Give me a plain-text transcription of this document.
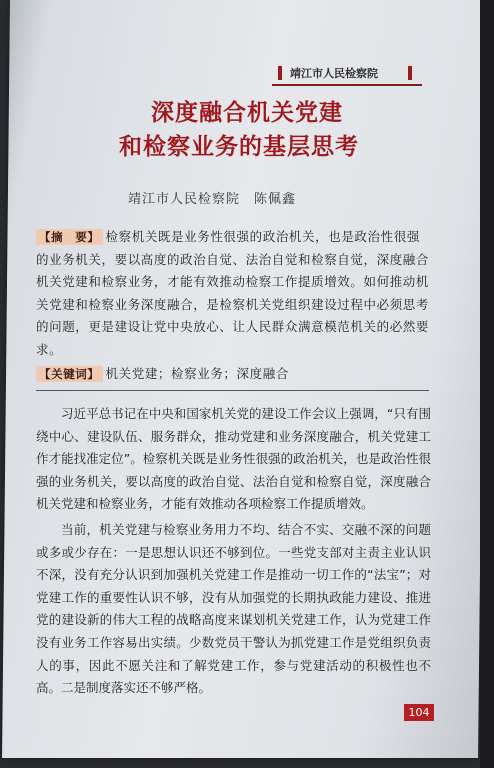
靖江市人民检察院
深度融合机关党建
和检察业务的基层思考
靖江市人民检察院　陈佩鑫
【摘　要】 检察机关既是业务性很强的政治机关，也是政治性很强的业务机关，要以高度的政治自觉、法治自觉和检察自觉，深度融合机关党建和检察业务，才能有效推动检察工作提质增效。如何推动机关党建和检察业务深度融合，是检察机关党组织建设过程中必须思考的问题，更是建设让党中央放心、让人民群众满意模范机关的必然要求。
【关键词】 机关党建；检察业务；深度融合

习近平总书记在中央和国家机关党的建设工作会议上强调，“只有围绕中心、建设队伍、服务群众，推动党建和业务深度融合，机关党建工作才能找准定位”。检察机关既是业务性很强的政治机关，也是政治性很强的业务机关，要以高度的政治自觉、法治自觉和检察自觉，深度融合机关党建和检察业务，才能有效推动各项检察工作提质增效。

当前，机关党建与检察业务用力不均、结合不实、交融不深的问题或多或少存在：一是思想认识还不够到位。一些党支部对主责主业认识不深，没有充分认识到加强机关党建工作是推动一切工作的“法宝”；对党建工作的重要性认识不够，没有从加强党的长期执政能力建设、推进党的建设新的伟大工程的战略高度来谋划机关党建工作，认为党建工作没有业务工作容易出实绩。少数党员干警认为抓党建工作是党组织负责人的事，因此不愿关注和了解党建工作，参与党建活动的积极性也不高。二是制度落实还不够严格。

104
